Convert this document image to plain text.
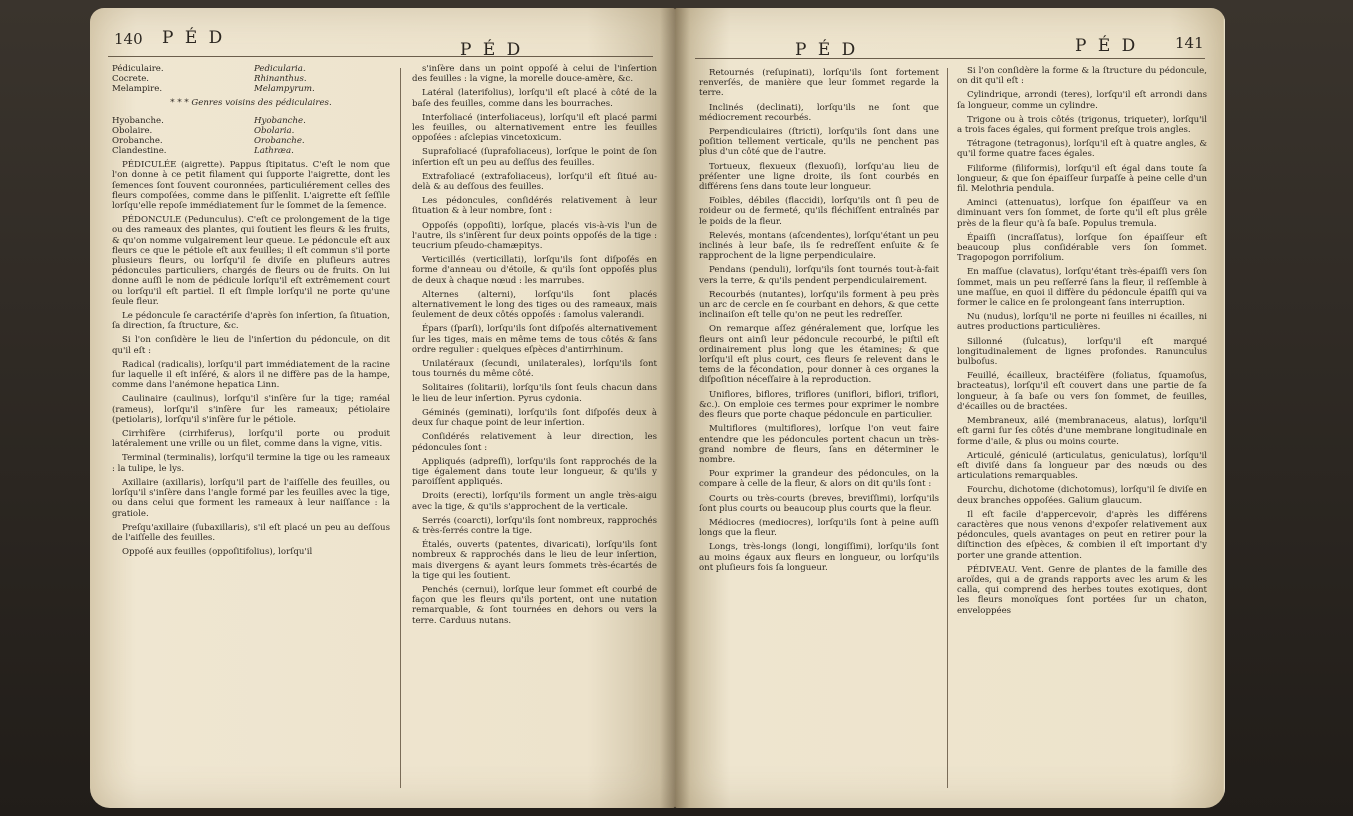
140 P É D
P É D
Pédiculaire.	Pedicularia.
Cocrete.	Rhinanthus.
Melampire.	Melampyrum.
* * * Genres voisins des pédiculaires.
Hyobanche.	Hyobanche.
Obolaire.	Obolaria.
Orobanche.	Orobanche.
Clandestine.	Lathræa.

PÉDICULÉE (aigrette). Pappus ſtipitatus. C'eſt le nom que l'on donne à ce petit filament qui ſupporte l'aigrette, dont les ſemences ſont ſouvent couronnées, particuliérement celles des fleurs compoſées, comme dans le piſſenlit. L'aigrette eſt ſeſſile lorſqu'elle repoſe immédiatement ſur le ſommet de la ſemence.

PÉDONCULE (Pedunculus). C'eſt ce prolongement de la tige ou des rameaux des plantes, qui ſoutient les fleurs & les fruits, & qu'on nomme vulgairement leur queue. Le pédoncule eſt aux fleurs ce que le pétiole eſt aux feuilles; il eſt commun s'il porte plusieurs fleurs, ou lorſqu'il ſe diviſe en pluſieurs autres pédoncules particuliers, chargés de fleurs ou de fruits. On lui donne auſſi le nom de pédicule lorſqu'il eſt extrêmement court ou lorſqu'il eſt partiel. Il eſt ſimple lorſqu'il ne porte qu'une ſeule fleur.

Le pédoncule ſe caractériſe d'après ſon inſertion, ſa ſituation, ſa direction, ſa ſtructure, &c.

Si l'on conſidère le lieu de l'inſertion du pédoncule, on dit qu'il eſt :

Radical (radicalis), lorſqu'il part immédiatement de la racine ſur laquelle il eſt inſéré, & alors il ne diffère pas de la hampe, comme dans l'anémone hepatica Linn.

Caulinaire (caulinus), lorſqu'il s'inſère ſur la tige; raméal (rameus), lorſqu'il s'inſère ſur les rameaux; pétiolaire (petiolaris), lorſqu'il s'inſère ſur le pétiole.

Cirrhifère (cirrhiferus), lorſqu'il porte ou produit latéralement une vrille ou un filet, comme dans la vigne, vitis.

Terminal (terminalis), lorſqu'il termine la tige ou les rameaux : la tulipe, le lys.

Axillaire (axillaris), lorſqu'il part de l'aiſſelle des feuilles, ou lorſqu'il s'inſère dans l'angle formé par les feuilles avec la tige, ou dans celui que forment les rameaux à leur naiſſance : la gratiole.

Preſqu'axillaire (ſubaxillaris), s'il eſt placé un peu au deſſous de l'aiſſelle des feuilles.

Oppoſé aux feuilles (oppoſitifolius), lorſqu'il

s'inſère dans un point oppoſé à celui de l'inſertion des feuilles : la vigne, la morelle douce-amère, &c.

Latéral (laterifolius), lorſqu'il eſt placé à côté de la baſe des feuilles, comme dans les bourraches.

Interfoliacé (interfoliaceus), lorſqu'il eſt placé parmi les feuilles, ou alternativement entre les feuilles oppoſées : aſclepias vincetoxicum.

Suprafoliacé (ſuprafoliaceus), lorſque le point de ſon inſertion eſt un peu au deſſus des feuilles.

Extrafoliacé (extrafoliaceus), lorſqu'il eſt ſitué au-delà & au deſſous des feuilles.

Les pédoncules, conſidérés relativement à leur ſituation & à leur nombre, ſont :

Oppoſés (oppoſiti), lorſque, placés vis-à-vis l'un de l'autre, ils s'inſèrent ſur deux points oppoſés de la tige : teucrium pſeudo-chamæpitys.

Verticillés (verticillati), lorſqu'ils ſont diſpoſés en forme d'anneau ou d'étoile, & qu'ils ſont oppoſés plus de deux à chaque nœud : les marrubes.

Alternes (alterni), lorſqu'ils ſont placés alternativement le long des tiges ou des rameaux, mais ſeulement de deux côtés oppoſés : ſamolus valerandi.

Épars (ſparſi), lorſqu'ils ſont diſpoſés alternativement ſur les tiges, mais en même tems de tous côtés & ſans ordre regulier : quelques eſpèces d'antirrhinum.

Unilatéraux (ſecundi, unilaterales), lorſqu'ils ſont tous tournés du même côté.

Solitaires (ſolitarii), lorſqu'ils ſont ſeuls chacun dans le lieu de leur inſertion. Pyrus cydonia.

Géminés (geminati), lorſqu'ils ſont diſpoſés deux à deux ſur chaque point de leur inſertion.

Conſidérés relativement à leur direction, les pédoncules ſont :

Appliqués (adpreſſi), lorſqu'ils ſont rapprochés de la tige également dans toute leur longueur, & qu'ils y paroiſſent appliqués.

Droits (erecti), lorſqu'ils forment un angle très-aigu avec la tige, & qu'ils s'approchent de la verticale.

Serrés (coarcti), lorſqu'ils ſont nombreux, rapprochés & très-ſerrés contre la tige.

Étalés, ouverts (patentes, divaricati), lorſqu'ils ſont nombreux & rapprochés dans le lieu de leur inſertion, mais divergens & ayant leurs ſommets très-écartés de la tige qui les ſoutient.

Penchés (cernui), lorſque leur ſommet eſt courbé de façon que les fleurs qu'ils portent, ont une nutation remarquable, & ſont tournées en dehors ou vers la terre. Carduus nutans.

P É D	P É D 141

Retournés (reſupinati), lorſqu'ils ſont fortement renverſés, de manière que leur ſommet regarde la terre.

Inclinés (declinati), lorſqu'ils ne ſont que médiocrement recourbés.

Perpendiculaires (ſtricti), lorſqu'ils ſont dans une poſition tellement verticale, qu'ils ne penchent pas plus d'un côté que de l'autre.

Tortueux, flexueux (flexuoſi), lorſqu'au lieu de préſenter une ligne droite, ils ſont courbés en différens ſens dans toute leur longueur.

Foibles, débiles (flaccidi), lorſqu'ils ont ſi peu de roideur ou de fermeté, qu'ils fléchiſſent entraînés par le poids de la fleur.

Relevés, montans (aſcendentes), lorſqu'étant un peu inclinés à leur baſe, ils ſe redreſſent enſuite & ſe rapprochent de la ligne perpendiculaire.

Pendans (penduli), lorſqu'ils ſont tournés tout-à-fait vers la terre, & qu'ils pendent perpendiculairement.

Recourbés (nutantes), lorſqu'ils forment à peu près un arc de cercle en ſe courbant en dehors, & que cette inclinaiſon eſt telle qu'on ne peut les redreſſer.

On remarque aſſez généralement que, lorſque les fleurs ont ainſi leur pédoncule recourbé, le piſtil eſt ordinairement plus long que les étamines; & que lorſqu'il eſt plus court, ces fleurs ſe relevent dans le tems de la fécondation, pour donner à ces organes la diſpoſition néceſſaire à la reproduction.

Uniflores, biflores, triflores (uniflori, biflori, triflori, &c.). On emploie ces termes pour exprimer le nombre des fleurs que porte chaque pédoncule en particulier.

Multiflores (multiflores), lorſque l'on veut faire entendre que les pédoncules portent chacun un très-grand nombre de fleurs, ſans en déterminer le nombre.

Pour exprimer la grandeur des pédoncules, on la compare à celle de la fleur, & alors on dit qu'ils ſont :

Courts ou très-courts (breves, breviſſimi), lorſqu'ils ſont plus courts ou beaucoup plus courts que la fleur.

Médiocres (mediocres), lorſqu'ils ſont à peine auſſi longs que la fleur.

Longs, très-longs (longi, longiſſimi), lorſqu'ils ſont au moins égaux aux fleurs en longueur, ou lorſqu'ils ont pluſieurs fois ſa longueur.

Si l'on conſidère la forme & la ſtructure du pédoncule, on dit qu'il eſt :

Cylindrique, arrondi (teres), lorſqu'il eſt arrondi dans ſa longueur, comme un cylindre.

Trigone ou à trois côtés (trigonus, triqueter), lorſqu'il a trois faces égales, qui forment preſque trois angles.

Tétragone (tetragonus), lorſqu'il eſt à quatre angles, & qu'il forme quatre faces égales.

Filiforme (filiformis), lorſqu'il eſt égal dans toute ſa longueur, & que ſon épaiſſeur ſurpaſſe à peine celle d'un fil. Melothria pendula.

Aminci (attenuatus), lorſque ſon épaiſſeur va en diminuant vers ſon ſommet, de ſorte qu'il eſt plus grêle près de la fleur qu'à ſa baſe. Populus tremula.

Épaiſſi (incraſſatus), lorſque ſon épaiſſeur eſt beaucoup plus conſidérable vers ſon ſommet. Tragopogon porrifolium.

En maſſue (clavatus), lorſqu'étant très-épaiſſi vers ſon ſommet, mais un peu reſſerré ſans la fleur, il reſſemble à une maſſue, en quoi il diffère du pédoncule épaiſſi qui va former le calice en ſe prolongeant ſans interruption.

Nu (nudus), lorſqu'il ne porte ni feuilles ni écailles, ni autres productions particulières.

Sillonné (ſulcatus), lorſqu'il eſt marqué longitudinalement de lignes profondes. Ranunculus bulboſus.

Feuillé, écailleux, bractéifère (foliatus, ſquamoſus, bracteatus), lorſqu'il eſt couvert dans une partie de ſa longueur, à ſa baſe ou vers ſon ſommet, de feuilles, d'écailles ou de bractées.

Membraneux, ailé (membranaceus, alatus), lorſqu'il eſt garni ſur ſes côtés d'une membrane longitudinale en forme d'aile, & plus ou moins courte.

Articulé, géniculé (articulatus, geniculatus), lorſqu'il eſt diviſé dans ſa longueur par des nœuds ou des articulations remarquables.

Fourchu, dichotome (dichotomus), lorſqu'il ſe diviſe en deux branches oppoſées. Galium glaucum.

Il eſt facile d'appercevoir, d'après les différens caractères que nous venons d'expoſer relativement aux pédoncules, quels avantages on peut en retirer pour la diſtinction des eſpèces, & combien il eſt important d'y porter une grande attention.

PÉDIVEAU. Vent. Genre de plantes de la famille des aroïdes, qui a de grands rapports avec les arum & les calla, qui comprend des herbes toutes exotiques, dont les fleurs monoïques ſont portées ſur un chaton, enveloppées
